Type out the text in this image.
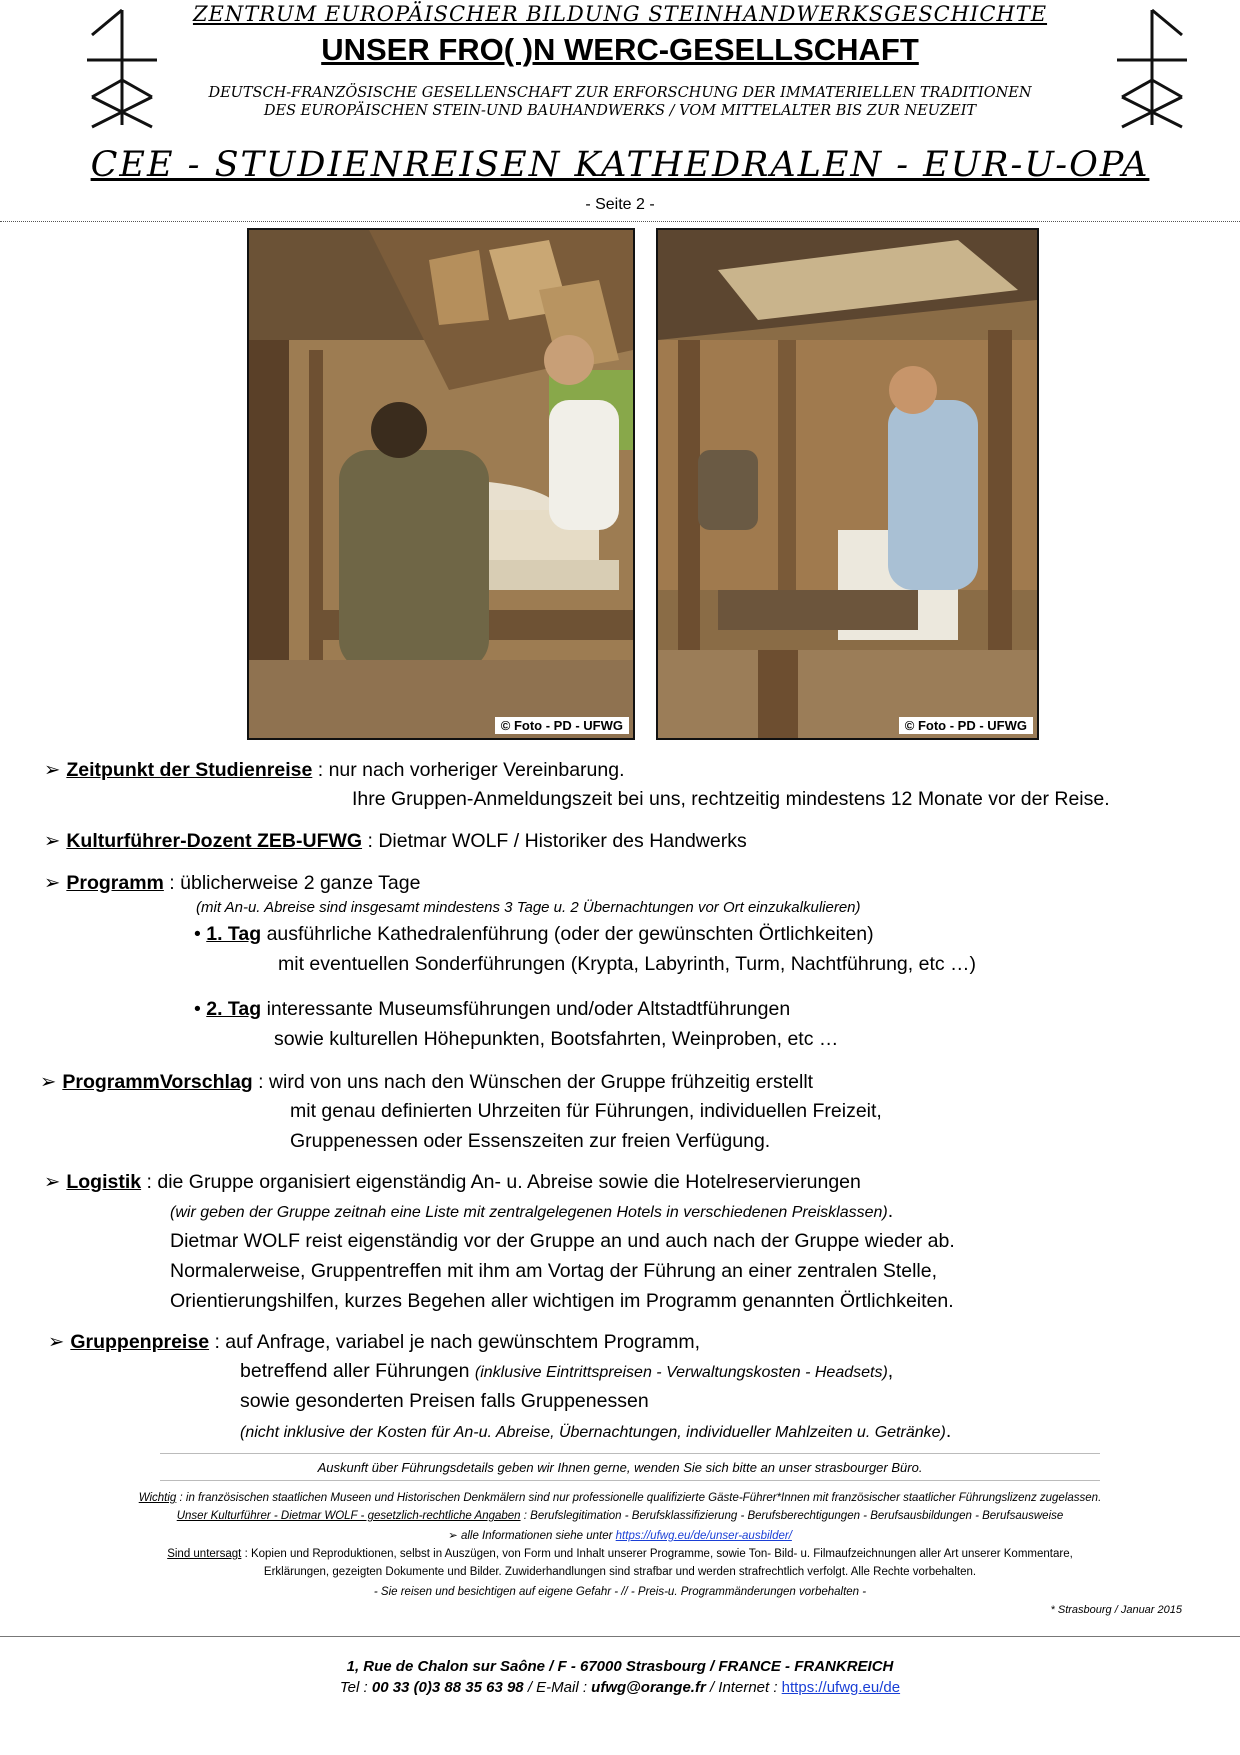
ZENTRUM EUROPÄISCHER BILDUNG STEINHANDWERKSGESCHICHTE
UNSER FRO( )N WERC-GESELLSCHAFT
DEUTSCH-FRANZÖSISCHE GESELLENSCHAFT ZUR ERFORSCHUNG DER IMMATERIELLEN TRADITIONEN
DES EUROPÄISCHEN STEIN-UND BAUHANDWERKS / VOM MITTELALTER BIS ZUR NEUZEIT
CEE - STUDIENREISEN KATHEDRALEN - EUR-U-OPA
- Seite 2 -
© Foto - PD - UFWG	© Foto - PD - UFWG
➢ Zeitpunkt der Studienreise : nur nach vorheriger Vereinbarung.
Ihre Gruppen-Anmeldungszeit bei uns, rechtzeitig mindestens 12 Monate vor der Reise.
➢ Kulturführer-Dozent ZEB-UFWG : Dietmar WOLF / Historiker des Handwerks
➢ Programm : üblicherweise 2 ganze Tage
(mit An-u. Abreise sind insgesamt mindestens 3 Tage u. 2 Übernachtungen vor Ort einzukalkulieren)
• 1. Tag ausführliche Kathedralenführung (oder der gewünschten Örtlichkeiten)
mit eventuellen Sonderführungen (Krypta, Labyrinth, Turm, Nachtführung, etc …)
• 2. Tag interessante Museumsführungen und/oder Altstadtführungen
sowie kulturellen Höhepunkten, Bootsfahrten, Weinproben, etc …
➢ ProgrammVorschlag : wird von uns nach den Wünschen der Gruppe frühzeitig erstellt
mit genau definierten Uhrzeiten für Führungen, individuellen Freizeit,
Gruppenessen oder Essenszeiten zur freien Verfügung.
➢ Logistik : die Gruppe organisiert eigenständig An- u. Abreise sowie die Hotelreservierungen
(wir geben der Gruppe zeitnah eine Liste mit zentralgelegenen Hotels in verschiedenen Preisklassen).
Dietmar WOLF reist eigenständig vor der Gruppe an und auch nach der Gruppe wieder ab.
Normalerweise, Gruppentreffen mit ihm am Vortag der Führung an einer zentralen Stelle,
Orientierungshilfen, kurzes Begehen aller wichtigen im Programm genannten Örtlichkeiten.
➢ Gruppenpreise : auf Anfrage, variabel je nach gewünschtem Programm,
betreffend aller Führungen (inklusive Eintrittspreisen - Verwaltungskosten - Headsets),
sowie gesonderten Preisen falls Gruppenessen
(nicht inklusive der Kosten für An-u. Abreise, Übernachtungen, individueller Mahlzeiten u. Getränke).
Auskunft über Führungsdetails geben wir Ihnen gerne, wenden Sie sich bitte an unser strasbourger Büro.
Wichtig : in französischen staatlichen Museen und Historischen Denkmälern sind nur professionelle qualifizierte Gäste-Führer*Innen mit französischer staatlicher Führungslizenz zugelassen.
Unser Kulturführer - Dietmar WOLF - gesetzlich-rechtliche Angaben : Berufslegitimation - Berufsklassifizierung - Berufsberechtigungen - Berufsausbildungen - Berufsausweise
➢ alle Informationen siehe unter https://ufwg.eu/de/unser-ausbilder/
Sind untersagt : Kopien und Reproduktionen, selbst in Auszügen, von Form und Inhalt unserer Programme, sowie Ton- Bild- u. Filmaufzeichnungen aller Art unserer Kommentare,
Erklärungen, gezeigten Dokumente und Bilder. Zuwiderhandlungen sind strafbar und werden strafrechtlich verfolgt. Alle Rechte vorbehalten.
- Sie reisen und besichtigen auf eigene Gefahr - // - Preis-u. Programmänderungen vorbehalten -
* Strasbourg / Januar 2015
1, Rue de Chalon sur Saône / F - 67000 Strasbourg / FRANCE - FRANKREICH
Tel : 00 33 (0)3 88 35 63 98 / E-Mail : ufwg@orange.fr / Internet : https://ufwg.eu/de
